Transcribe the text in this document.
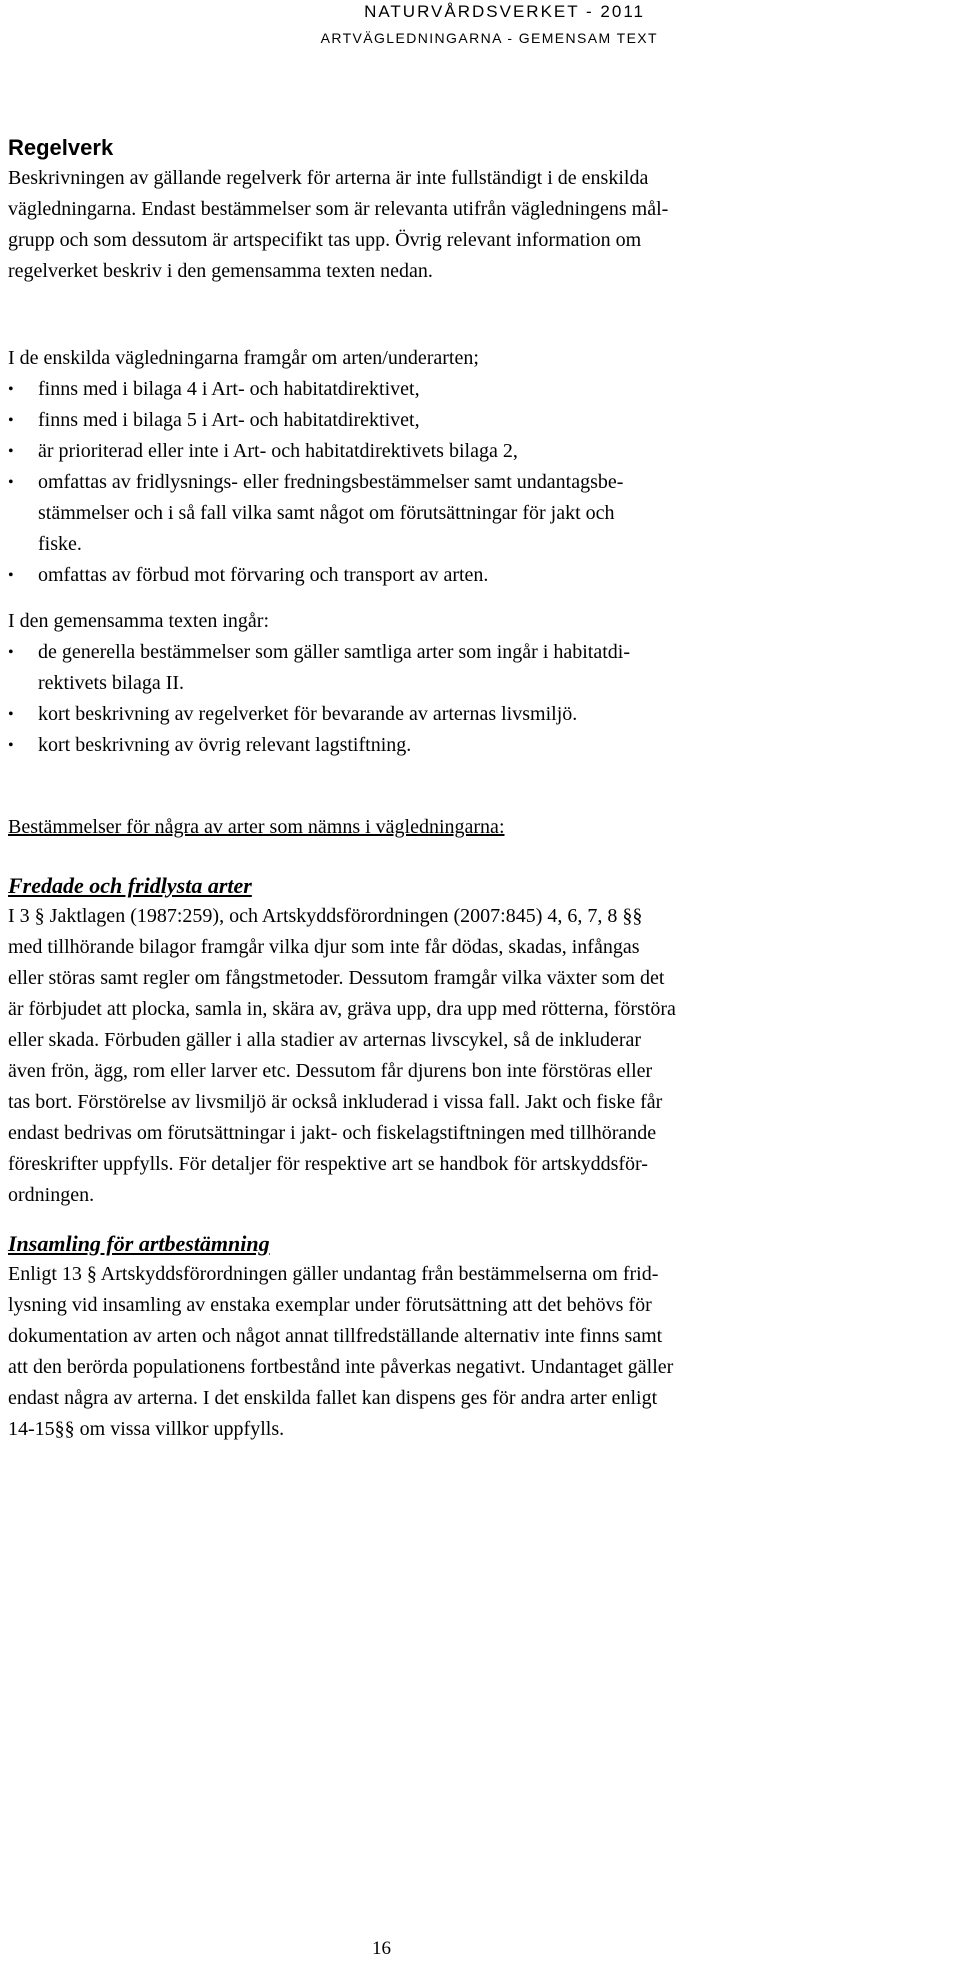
NATURVÅRDSVERKET - 2011
ARTVÄGLEDNINGARNA - GEMENSAM TEXT
Regelverk
Beskrivningen av gällande regelverk för arterna är inte fullständigt i de enskilda
vägledningarna. Endast bestämmelser som är relevanta utifrån vägledningens mål-
grupp och som dessutom är artspecifikt tas upp. Övrig relevant information om
regelverket beskriv i den gemensamma texten nedan.

I de enskilda vägledningarna framgår om arten/underarten;

• finns med i bilaga 4 i Art- och habitatdirektivet,
• finns med i bilaga 5 i Art- och habitatdirektivet,
• är prioriterad eller inte i Art- och habitatdirektivets bilaga 2,
• omfattas av fridlysnings- eller fredningsbestämmelser samt undantagsbe-
stämmelser och i så fall vilka samt något om förutsättningar för jakt och
fiske.
• omfattas av förbud mot förvaring och transport av arten.

I den gemensamma texten ingår:

• de generella bestämmelser som gäller samtliga arter som ingår i habitatdi-
rektivets bilaga II.
• kort beskrivning av regelverket för bevarande av arternas livsmiljö.
• kort beskrivning av övrig relevant lagstiftning.

Bestämmelser för några av arter som nämns i vägledningarna:

Fredade och fridlysta arter

I 3 § Jaktlagen (1987:259), och Artskyddsförordningen (2007:845) 4, 6, 7, 8 §§
med tillhörande bilagor framgår vilka djur som inte får dödas, skadas, infångas
eller störas samt regler om fångstmetoder. Dessutom framgår vilka växter som det
är förbjudet att plocka, samla in, skära av, gräva upp, dra upp med rötterna, förstöra
eller skada. Förbuden gäller i alla stadier av arternas livscykel, så de inkluderar
även frön, ägg, rom eller larver etc. Dessutom får djurens bon inte förstöras eller
tas bort. Förstörelse av livsmiljö är också inkluderad i vissa fall. Jakt och fiske får
endast bedrivas om förutsättningar i jakt- och fiskelagstiftningen med tillhörande
föreskrifter uppfylls. För detaljer för respektive art se handbok för artskyddsför-
ordningen.

Insamling för artbestämning

Enligt 13 § Artskyddsförordningen gäller undantag från bestämmelserna om frid-
lysning vid insamling av enstaka exemplar under förutsättning att det behövs för
dokumentation av arten och något annat tillfredställande alternativ inte finns samt
att den berörda populationens fortbestånd inte påverkas negativt. Undantaget gäller
endast några av arterna. I det enskilda fallet kan dispens ges för andra arter enligt
14-15§§ om vissa villkor uppfylls.
16
